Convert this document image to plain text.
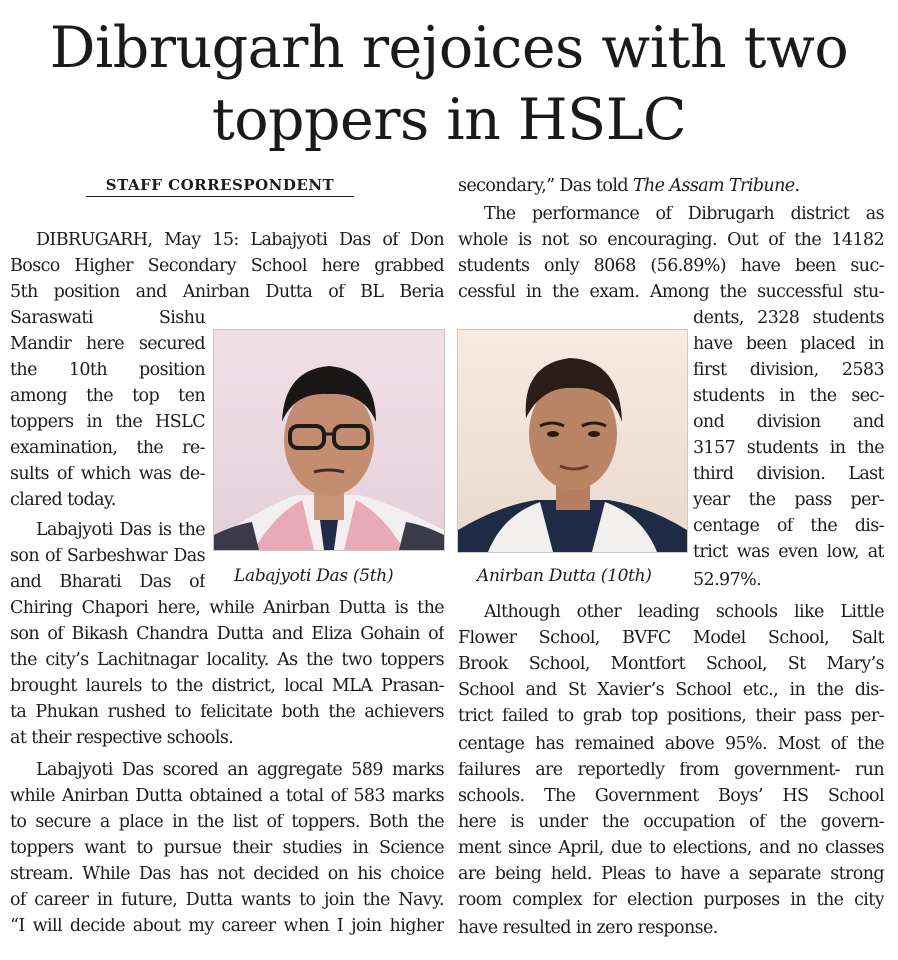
Dibrugarh rejoices with two
toppers in HSLC
STAFF CORRESPONDENT
DIBRUGARH, May 15: Labajyoti Das of Don
Bosco Higher Secondary School here grabbed
5th position and Anirban Dutta of BL Beria
Saraswati Sishu
Mandir here secured
the 10th position
among the top ten
toppers in the HSLC
examination, the re-
sults of which was de-
clared today.
Labajyoti Das is the
son of Sarbeshwar Das
and Bharati Das of
Chiring Chapori here, while Anirban Dutta is the
son of Bikash Chandra Dutta and Eliza Gohain of
the city’s Lachitnagar locality. As the two toppers
brought laurels to the district, local MLA Prasan-
ta Phukan rushed to felicitate both the achievers
at their respective schools.
Labajyoti Das scored an aggregate 589 marks
while Anirban Dutta obtained a total of 583 marks
to secure a place in the list of toppers. Both the
toppers want to pursue their studies in Science
stream. While Das has not decided on his choice
of career in future, Dutta wants to join the Navy.
“I will decide about my career when I join higher
secondary,” Das told The Assam Tribune.
The performance of Dibrugarh district as
whole is not so encouraging. Out of the 14182
students only 8068 (56.89%) have been suc-
cessful in the exam. Among the successful stu-
dents, 2328 students
have been placed in
first division, 2583
students in the sec-
ond division and
3157 students in the
third division. Last
year the pass per-
centage of the dis-
trict was even low, at
52.97%.
Although other leading schools like Little
Flower School, BVFC Model School, Salt
Brook School, Montfort School, St Mary’s
School and St Xavier’s School etc., in the dis-
trict failed to grab top positions, their pass per-
centage has remained above 95%. Most of the
failures are reportedly from government- run
schools. The Government Boys’ HS School
here is under the occupation of the govern-
ment since April, due to elections, and no classes
are being held. Pleas to have a separate strong
room complex for election purposes in the city
have resulted in zero response.
Labajyoti Das (5th)	Anirban Dutta (10th)
